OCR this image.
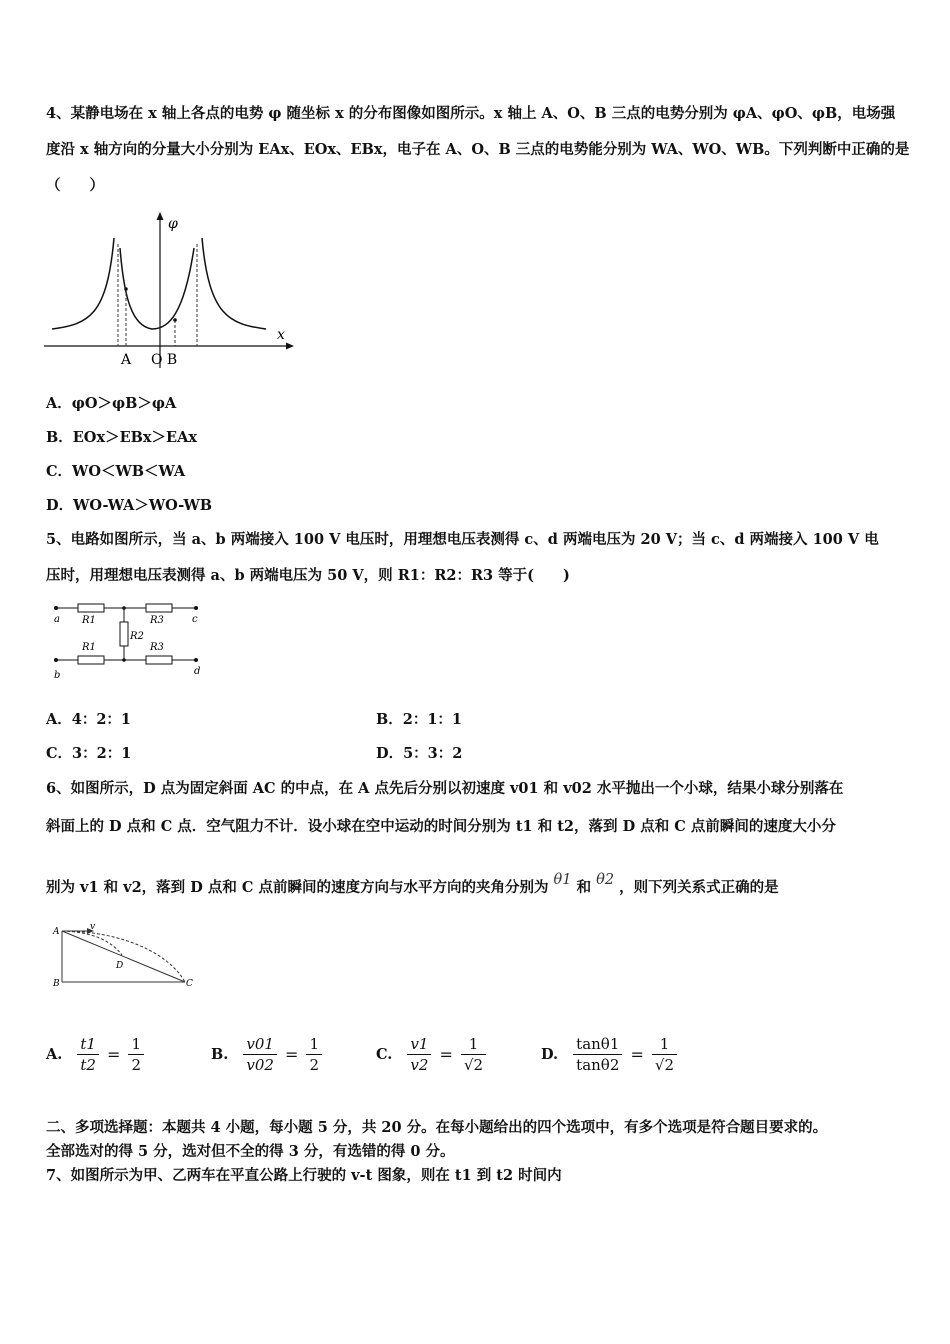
4、某静电场在 x 轴上各点的电势 φ 随坐标 x 的分布图像如图所示。x 轴上 A、O、B 三点的电势分别为 φA、φO、φB，电场强
度沿 x 轴方向的分量大小分别为 EAx、EOx、EBx，电子在 A、O、B 三点的电势能分别为 WA、WO、WB。下列判断中正确的是
（　　）
φ
x
A O B
A．φO＞φB＞φA
B．EOx＞EBx＞EAx
C．WO＜WB＜WA
D．WO-WA＞WO-WB
5、电路如图所示，当 a、b 两端接入 100 V 电压时，用理想电压表测得 c、d 两端电压为 20 V；当 c、d 两端接入 100 V 电
压时，用理想电压表测得 a、b 两端电压为 50 V，则 R1：R2：R3 等于(　　)
a
b
c
d
R1	R3
R2
R1	R3
A．4：2：1	B．2：1：1
C．3：2：1	D．5：3：2
6、如图所示，D 点为固定斜面 AC 的中点，在 A 点先后分别以初速度 v01 和 v02 水平抛出一个小球，结果小球分别落在
斜面上的 D 点和 C 点．空气阻力不计．设小球在空中运动的时间分别为 t1 和 t2，落到 D 点和 C 点前瞬间的速度大小分
别为 v1 和 v2，落到 D 点和 C 点前瞬间的速度方向与水平方向的夹角分别为 θ1 和 θ2 ，则下列关系式正确的是
A	v
B	C
D
A. $\frac{t1}{t2} = \frac{1}{2}$	B. $\frac{v01}{v02} = \frac{1}{2}$	C. $\frac{v1}{v2} = \frac{1}{√2}$	D. $\frac{\tan\theta 1}{\tan\theta 2} = \frac{1}{√2}$
二、多项选择题：本题共 4 小题，每小题 5 分，共 20 分。在每小题给出的四个选项中，有多个选项是符合题目要求的。
全部选对的得 5 分，选对但不全的得 3 分，有选错的得 0 分。
7、如图所示为甲、乙两车在平直公路上行驶的 v-t 图象，则在 t1 到 t2 时间内
